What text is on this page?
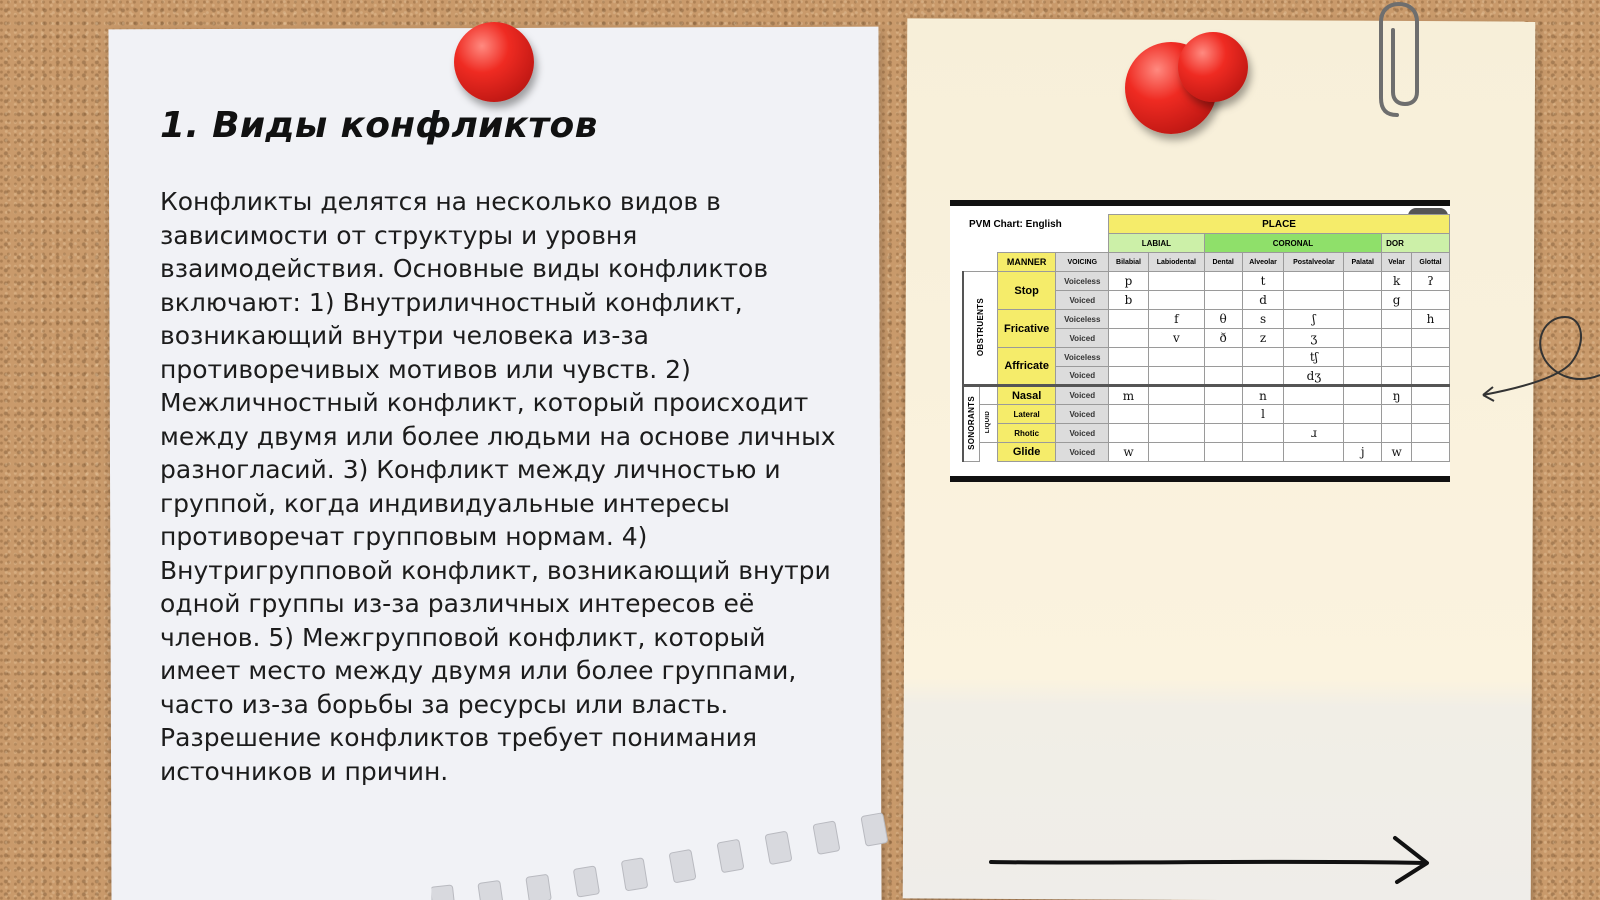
1. Виды конфликтов
Конфликты делятся на несколько видов в зависимости от структуры и уровня взаимодействия. Основные виды конфликтов включают: 1) Внутриличностный конфликт, возникающий внутри человека из-за противоречивых мотивов или чувств. 2) Межличностный конфликт, который происходит между двумя или более людьми на основе личных разногласий. 3) Конфликт между личностью и группой, когда индивидуальные интересы противоречат групповым нормам. 4) Внутригрупповой конфликт, возникающий внутри одной группы из-за различных интересов её членов. 5) Межгрупповой конфликт, который имеет место между двумя или более группами, часто из-за борьбы за ресурсы или власть. Разрешение конфликтов требует понимания источников и причин.
PVM Chart: English				PLACE							
				LABIAL		CORONAL				DOR	
		MANNER	VOICING	Bilabial	Labiodental	Dental	Alveolar	Postalveolar	Palatal	Velar	Glottal
OBSTRUENTS		Stop	Voiceless	p			t			k	ʔ
			Voiced	b			d			g	
		Fricative	Voiceless		f	θ	s	ʃ			h
			Voiced		v	ð	z	ʒ			
		Affricate	Voiceless					tʃ			
			Voiced					dʒ			
SONORANTS		Nasal	Voiced	m			n			ŋ	
	LIQUID	Lateral	Voiced				l				
		Rhotic	Voiced					ɹ			
		Glide	Voiced	w					j	w	
